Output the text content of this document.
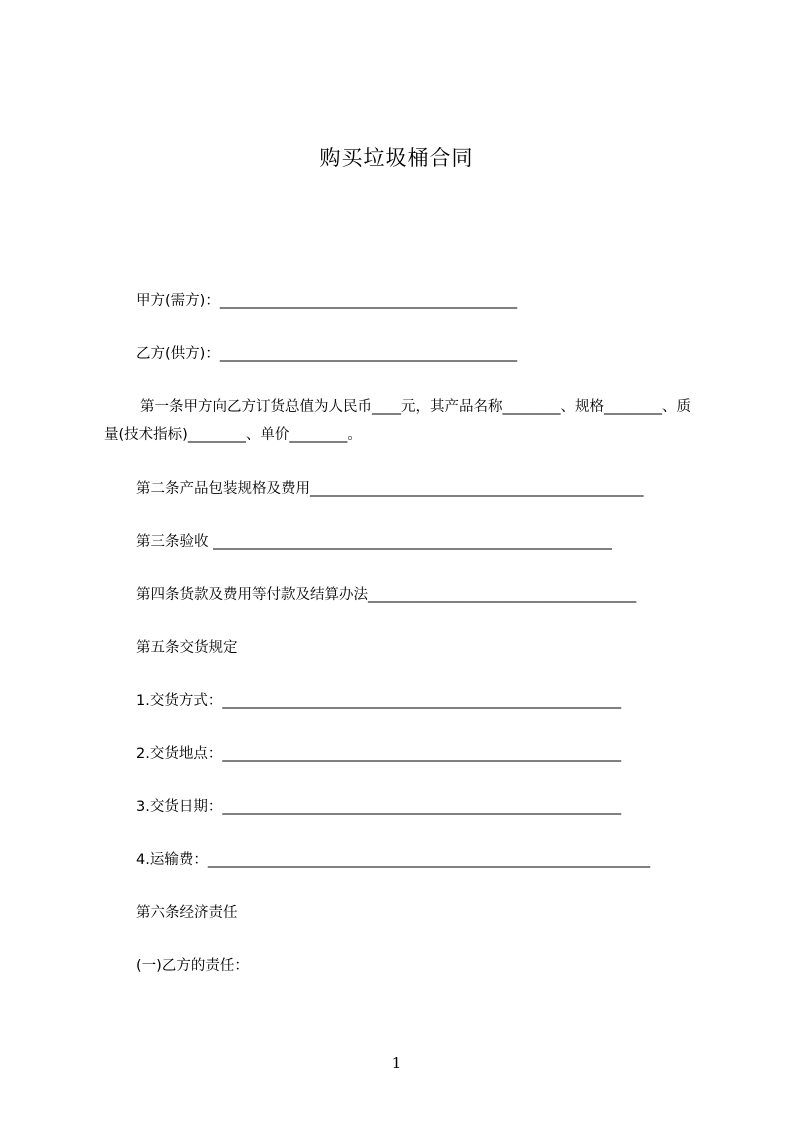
购买垃圾桶合同
甲方(需方)：_________________________________________
乙方(供方)：_________________________________________
第一条甲方向乙方订货总值为人民币____元，其产品名称________、规格________、质量(技术指标)________、单价________。
第二条产品包装规格及费用______________________________________________
第三条验收 _______________________________________________________
第四条货款及费用等付款及结算办法_____________________________________
第五条交货规定
1.交货方式：_______________________________________________________
2.交货地点：_______________________________________________________
3.交货日期：_______________________________________________________
4.运输费：_____________________________________________________________
第六条经济责任
(一)乙方的责任：
1
